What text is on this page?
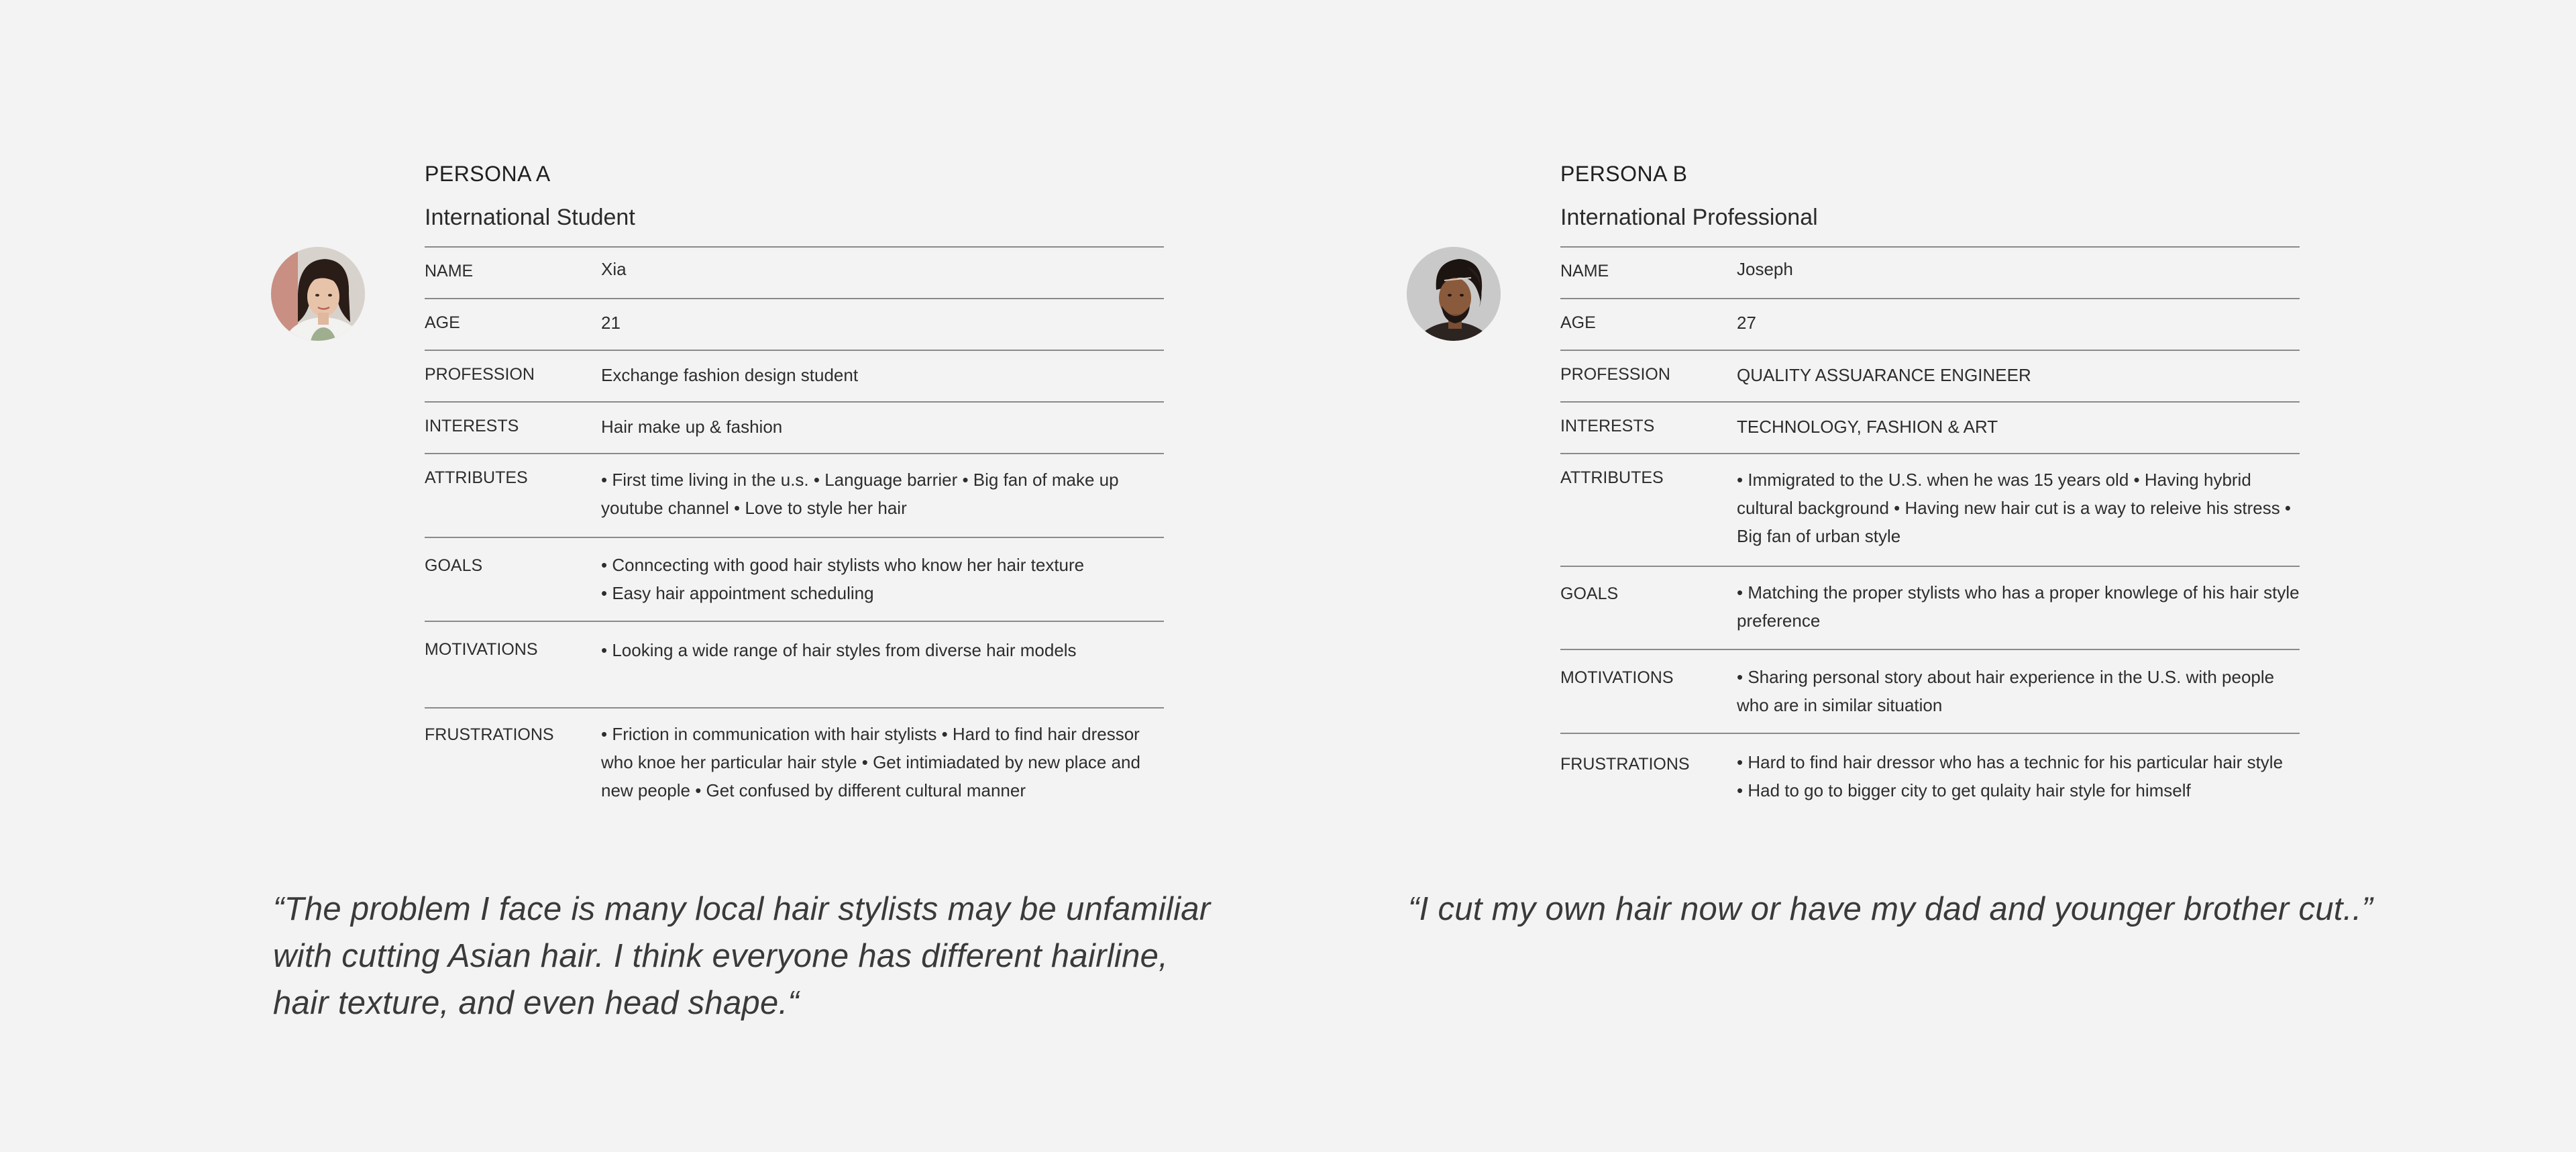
PERSONA A
International Student
NAME	Xia
AGE	21
PROFESSION	Exchange fashion design student
INTERESTS	Hair make up & fashion
ATTRIBUTES	• First time living in the u.s. • Language barrier • Big fan of make up youtube channel • Love to style her hair
GOALS	• Conncecting with good hair stylists who know her hair texture
• Easy hair appointment scheduling
MOTIVATIONS	• Looking a wide range of hair styles from diverse hair models
FRUSTRATIONS	• Friction in communication with hair stylists • Hard to find hair dressor who knoe her particular hair style • Get intimiadated by new place and new people • Get confused by different cultural manner
“The problem I face is many local hair stylists may be unfamiliar with cutting Asian hair. I think everyone has different hairline, hair texture, and even head shape.“
PERSONA B
International Professional
NAME	Joseph
AGE	27
PROFESSION	QUALITY ASSUARANCE ENGINEER
INTERESTS	TECHNOLOGY, FASHION & ART
ATTRIBUTES	• Immigrated to the U.S. when he was 15 years old • Having hybrid cultural background • Having new hair cut is a way to releive his stress • Big fan of urban style
GOALS	• Matching the proper stylists who has a proper knowlege of his hair style preference
MOTIVATIONS	• Sharing personal story about hair experience in the U.S. with people who are in similar situation
FRUSTRATIONS	• Hard to find hair dressor who has a technic for his particular hair style
• Had to go to bigger city to get qulaity hair style for himself
“I cut my own hair now or have my dad and younger brother cut..”
